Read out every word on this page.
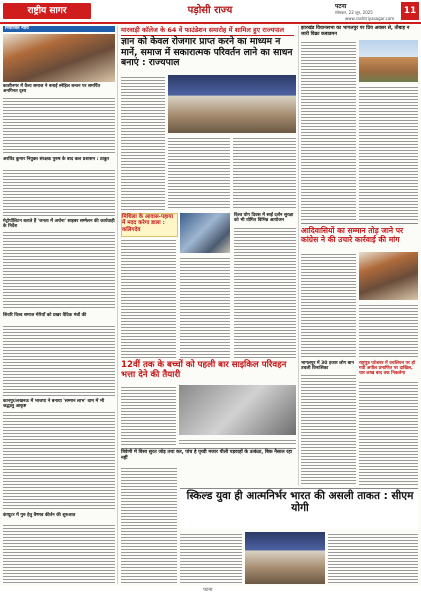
राष्ट्रीय सागर	पड़ोसी राज्य	पटना
सोमवार, 23 जून, 2025
www.rashtriyasagar.com
11
नियोजित न्याय
काशीनगर में वैश्य समाज ने बनाई स्नेहिल बन्धन पर समर्पित अनगिनत दृश्य
अरविंद कुमार नियुक्त संरक्षक पुरुष के बाद कल प्रशासन : ठाकुर
मेट्रोपॉलिटन बताते हैं 'जनता में अर्चना' साइबर सम्मेलन की कार्यवाही के निर्देश
शिवरि विश्व समाज मेरियाँ को प्रखर वैदिक मंत्रों की
कानपुर/लखनऊ में भाजपा ने बनाया 'सम्मान लाभ' धाम में भी श्रद्धालु आकृष्ट
कंप्यूटर में गुरु हेतु वैष्णव कीर्तन की शुरुआत
मारवाड़ी कॉलेज के 64 वें फाउंडेशन समारोह में शामिल हुए राज्यपाल
ज्ञान को केवल रोजगार प्राप्त करने का माध्यम न मानें, समाज में सकारात्मक परिवर्तन लाने का साधन बनाएं : राज्यपाल
मिथिला के आवास-पहाया में मदद करेगा डाला : कलिगदेव
विश्व योग दिवस में साईं दर्शन सुरक्षा को भी योगित विभिन्न आयोजन
12वीं तक के बच्चों को पहली बार साइकिल परिवहन भत्ता देने की तैयारी
त्रिवेणी में विश्व सुरत जोड़ तथा कर, पांच हे पृथ्वी मजार पीली पड़वाहों के उत्कंठा, बिक नैसाल रहा नहीं
झारखंड विधानसभा का भागलपुर पर प्रिय अवसर से, तौबाह न जारी विक्रा कबाडमन
आदिवासियों का सम्मान तोड़ जाने पर कांग्रेस ने की उचारे कार्रवाई की मांग
भागलपुर में 30 हजार लोग बान उचली विनाशिका
राष्ट्रपुत्र पटेशवर में उचलियन पर हो गयी अपील प्रमाणित पर दाखिल, चार लाख बाद तक निकलेगा
स्किल्ड युवा ही आत्मनिर्भर भारत की असली ताकत : सीएम योगी
पटना
